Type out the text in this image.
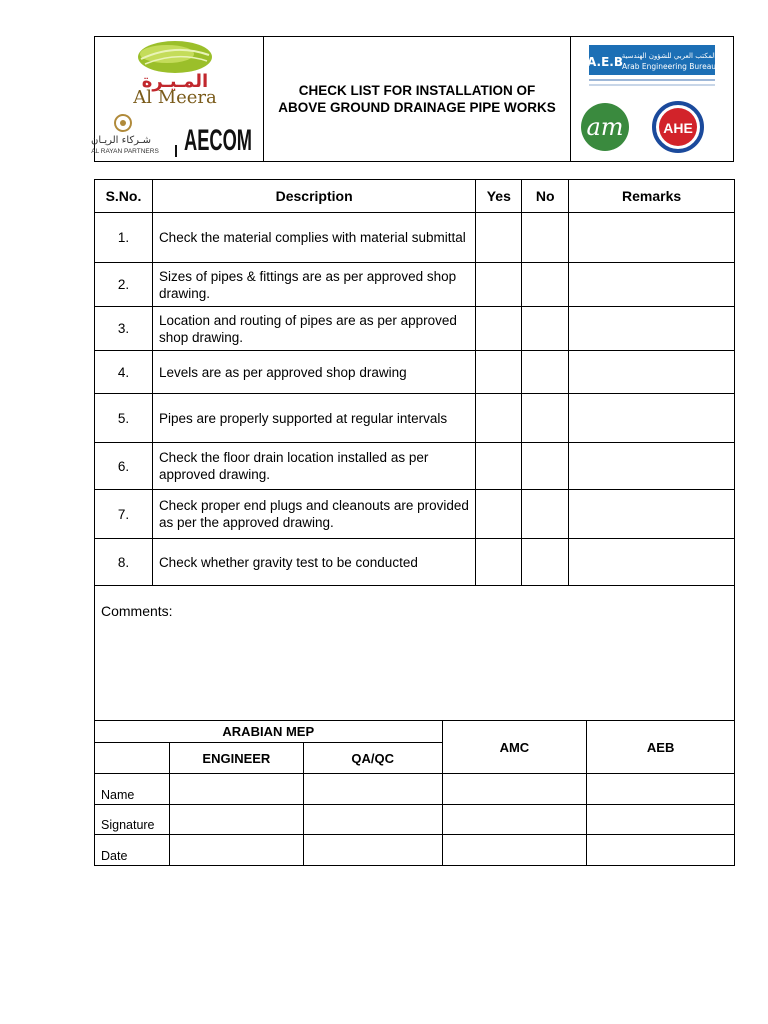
المـيـرة
Al Meera
شـركاء الريـان
AL RAYAN PARTNERS AECOM
CHECK LIST FOR INSTALLATION OF ABOVE GROUND DRAINAGE PIPE WORKS
A.E.B
المكتب العربي للشؤون الهندسية
Arab Engineering Bureau
am	AHE
S.No.	Description	Yes	No	Remarks
1.	Check the material complies with material submittal			
2.	Sizes of pipes & fittings are as per approved shop drawing.			
3.	Location and routing of pipes are as per approved shop drawing.			
4.	Levels are as per approved shop drawing			
5.	Pipes are properly supported at regular intervals			
6.	Check the floor drain location installed as per approved drawing.			
7.	Check proper end plugs and cleanouts are provided as per the approved drawing.			
8.	Check whether gravity test to be conducted			
Comments:
ARABIAN MEP			AMC	AEB
	ENGINEER	QA/QC		
Name				
Signature				
Date				
